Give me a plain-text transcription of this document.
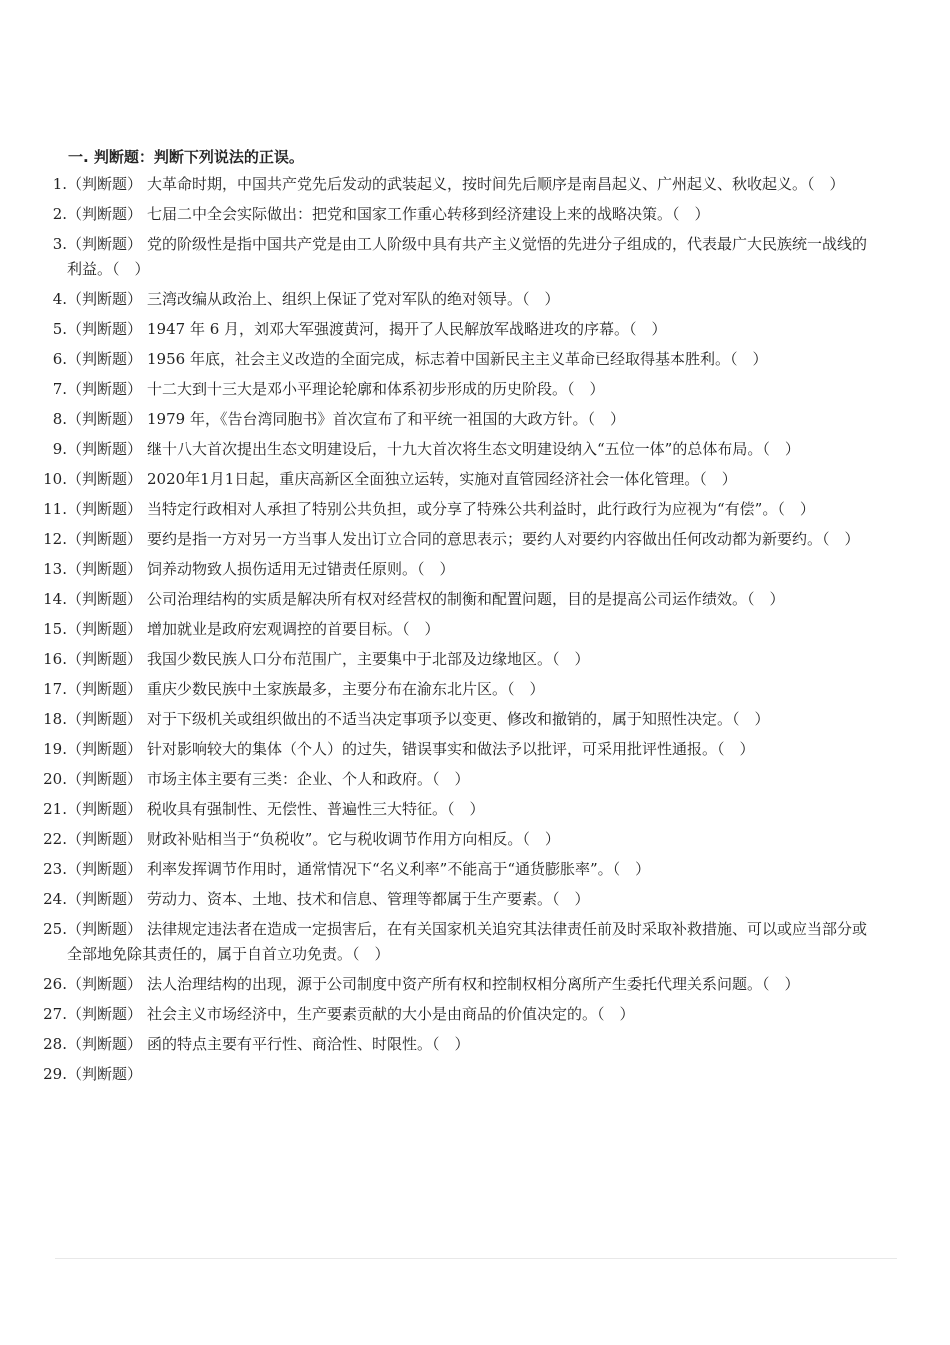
一. 判断题：判断下列说法的正误。
1. （判断题） 大革命时期，中国共产党先后发动的武装起义，按时间先后顺序是南昌起义、广州起义、秋收起义。（　）
2. （判断题） 七届二中全会实际做出：把党和国家工作重心转移到经济建设上来的战略决策。（　）
3. （判断题） 党的阶级性是指中国共产党是由工人阶级中具有共产主义觉悟的先进分子组成的，代表最广大民族统一战线的利益。（　）
4. （判断题） 三湾改编从政治上、组织上保证了党对军队的绝对领导。（　）
5. （判断题） 1947 年 6 月，刘邓大军强渡黄河，揭开了人民解放军战略进攻的序幕。（　）
6. （判断题） 1956 年底，社会主义改造的全面完成，标志着中国新民主主义革命已经取得基本胜利。（　）
7. （判断题） 十二大到十三大是邓小平理论轮廓和体系初步形成的历史阶段。（　）
8. （判断题） 1979 年，《告台湾同胞书》首次宣布了和平统一祖国的大政方针。（　）
9. （判断题） 继十八大首次提出生态文明建设后，十九大首次将生态文明建设纳入“五位一体”的总体布局。（　）
10. （判断题） 2020年1月1日起，重庆高新区全面独立运转，实施对直管园经济社会一体化管理。（　）
11. （判断题） 当特定行政相对人承担了特别公共负担，或分享了特殊公共利益时，此行政行为应视为“有偿”。（　）
12. （判断题） 要约是指一方对另一方当事人发出订立合同的意思表示；要约人对要约内容做出任何改动都为新要约。（　）
13. （判断题） 饲养动物致人损伤适用无过错责任原则。（　）
14. （判断题） 公司治理结构的实质是解决所有权对经营权的制衡和配置问题，目的是提高公司运作绩效。（　）
15. （判断题） 增加就业是政府宏观调控的首要目标。（　）
16. （判断题） 我国少数民族人口分布范围广，主要集中于北部及边缘地区。（　）
17. （判断题） 重庆少数民族中土家族最多，主要分布在渝东北片区。（　）
18. （判断题） 对于下级机关或组织做出的不适当决定事项予以变更、修改和撤销的，属于知照性决定。（　）
19. （判断题） 针对影响较大的集体（个人）的过失，错误事实和做法予以批评，可采用批评性通报。（　）
20. （判断题） 市场主体主要有三类：企业、个人和政府。（　）
21. （判断题） 税收具有强制性、无偿性、普遍性三大特征。（　）
22. （判断题） 财政补贴相当于“负税收”。它与税收调节作用方向相反。（　）
23. （判断题） 利率发挥调节作用时，通常情况下“名义利率”不能高于“通货膨胀率”。（　）
24. （判断题） 劳动力、资本、土地、技术和信息、管理等都属于生产要素。（　）
25. （判断题） 法律规定违法者在造成一定损害后，在有关国家机关追究其法律责任前及时采取补救措施、可以或应当部分或全部地免除其责任的，属于自首立功免责。（　）
26. （判断题） 法人治理结构的出现，源于公司制度中资产所有权和控制权相分离所产生委托代理关系问题。（　）
27. （判断题） 社会主义市场经济中，生产要素贡献的大小是由商品的价值决定的。（　）
28. （判断题） 函的特点主要有平行性、商洽性、时限性。（　）
29. （判断题）
